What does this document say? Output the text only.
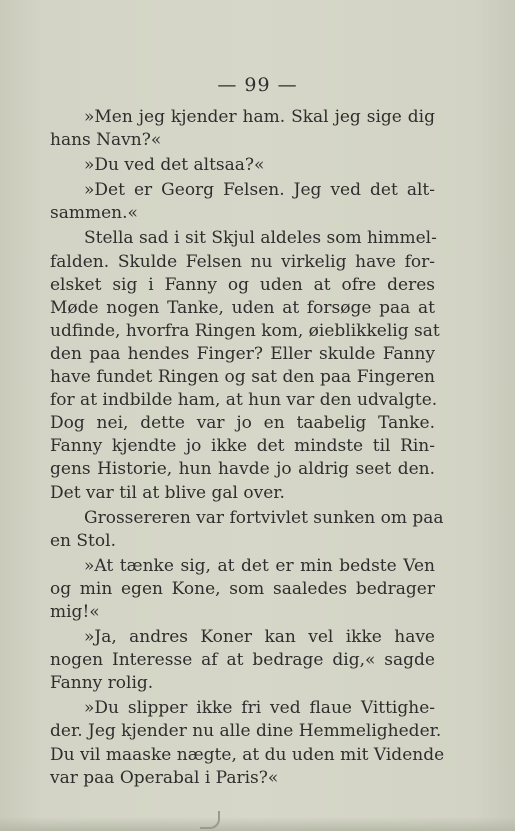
— 99 —
»Men jeg kjender ham. Skal jeg sige dig
hans Navn?«
»Du ved det altsaa?«
»Det er Georg Felsen. Jeg ved det alt-
sammen.«
Stella sad i sit Skjul aldeles som himmel-
falden. Skulde Felsen nu virkelig have for-
elsket sig i Fanny og uden at ofre deres
Møde nogen Tanke, uden at forsøge paa at
udfinde, hvorfra Ringen kom, øieblikkelig sat
den paa hendes Finger? Eller skulde Fanny
have fundet Ringen og sat den paa Fingeren
for at indbilde ham, at hun var den udvalgte.
Dog nei, dette var jo en taabelig Tanke.
Fanny kjendte jo ikke det mindste til Rin-
gens Historie, hun havde jo aldrig seet den.
Det var til at blive gal over.
Grossereren var fortvivlet sunken om paa
en Stol.
»At tænke sig, at det er min bedste Ven
og min egen Kone, som saaledes bedrager
mig!«
»Ja, andres Koner kan vel ikke have
nogen Interesse af at bedrage dig,« sagde
Fanny rolig.
»Du slipper ikke fri ved flaue Vittighe-
der. Jeg kjender nu alle dine Hemmeligheder.
Du vil maaske nægte, at du uden mit Vidende
var paa Operabal i Paris?«
